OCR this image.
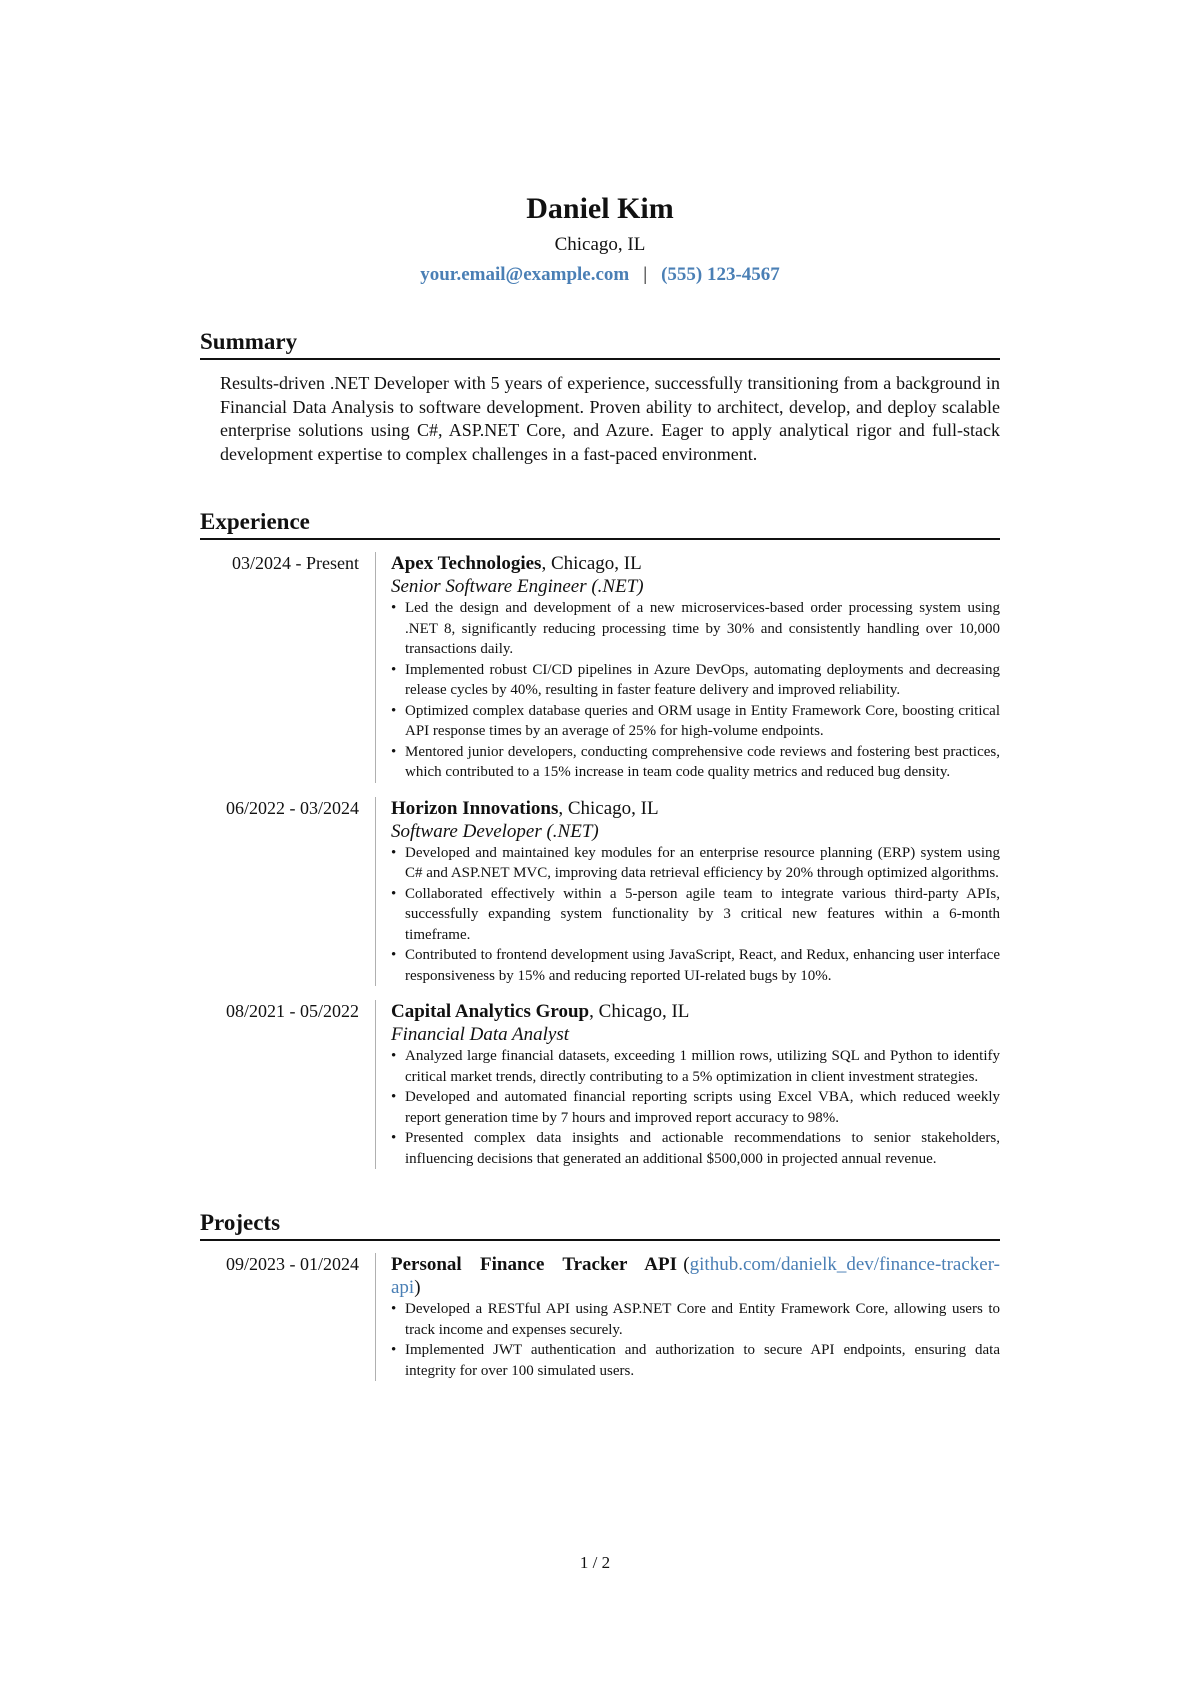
Daniel Kim
Chicago, IL
your.email@example.com | (555) 123-4567
Summary
Results-driven .NET Developer with 5 years of experience, successfully transitioning from a background in Financial Data Analysis to software development. Proven ability to architect, develop, and deploy scalable enterprise solutions using C#, ASP.NET Core, and Azure. Eager to apply analytical rigor and full-stack development expertise to complex challenges in a fast-paced environment.
Experience
03/2024 - Present	Apex Technologies, Chicago, IL
Senior Software Engineer (.NET)
• Led the design and development of a new microservices-based order processing system using .NET 8, significantly reducing processing time by 30% and consistently handling over 10,000 transactions daily.
• Implemented robust CI/CD pipelines in Azure DevOps, automating deployments and decreasing release cycles by 40%, resulting in faster feature delivery and improved reliability.
• Optimized complex database queries and ORM usage in Entity Framework Core, boosting critical API response times by an average of 25% for high-volume endpoints.
• Mentored junior developers, conducting comprehensive code reviews and fostering best practices, which contributed to a 15% increase in team code quality metrics and reduced bug density.
06/2022 - 03/2024	Horizon Innovations, Chicago, IL
Software Developer (.NET)
• Developed and maintained key modules for an enterprise resource planning (ERP) system using C# and ASP.NET MVC, improving data retrieval efficiency by 20% through optimized algorithms.
• Collaborated effectively within a 5-person agile team to integrate various third-party APIs, successfully expanding system functionality by 3 critical new features within a 6-month timeframe.
• Contributed to frontend development using JavaScript, React, and Redux, enhancing user interface responsiveness by 15% and reducing reported UI-related bugs by 10%.
08/2021 - 05/2022	Capital Analytics Group, Chicago, IL
Financial Data Analyst
• Analyzed large financial datasets, exceeding 1 million rows, utilizing SQL and Python to identify critical market trends, directly contributing to a 5% optimization in client investment strategies.
• Developed and automated financial reporting scripts using Excel VBA, which reduced weekly report generation time by 7 hours and improved report accuracy to 98%.
• Presented complex data insights and actionable recommendations to senior stakeholders, influencing decisions that generated an additional $500,000 in projected annual revenue.
Projects
09/2023 - 01/2024	Personal Finance Tracker API (github.com/danielk_dev/finance-tracker-api)
• Developed a RESTful API using ASP.NET Core and Entity Framework Core, allowing users to track income and expenses securely.
• Implemented JWT authentication and authorization to secure API endpoints, ensuring data integrity for over 100 simulated users.
1 / 2
